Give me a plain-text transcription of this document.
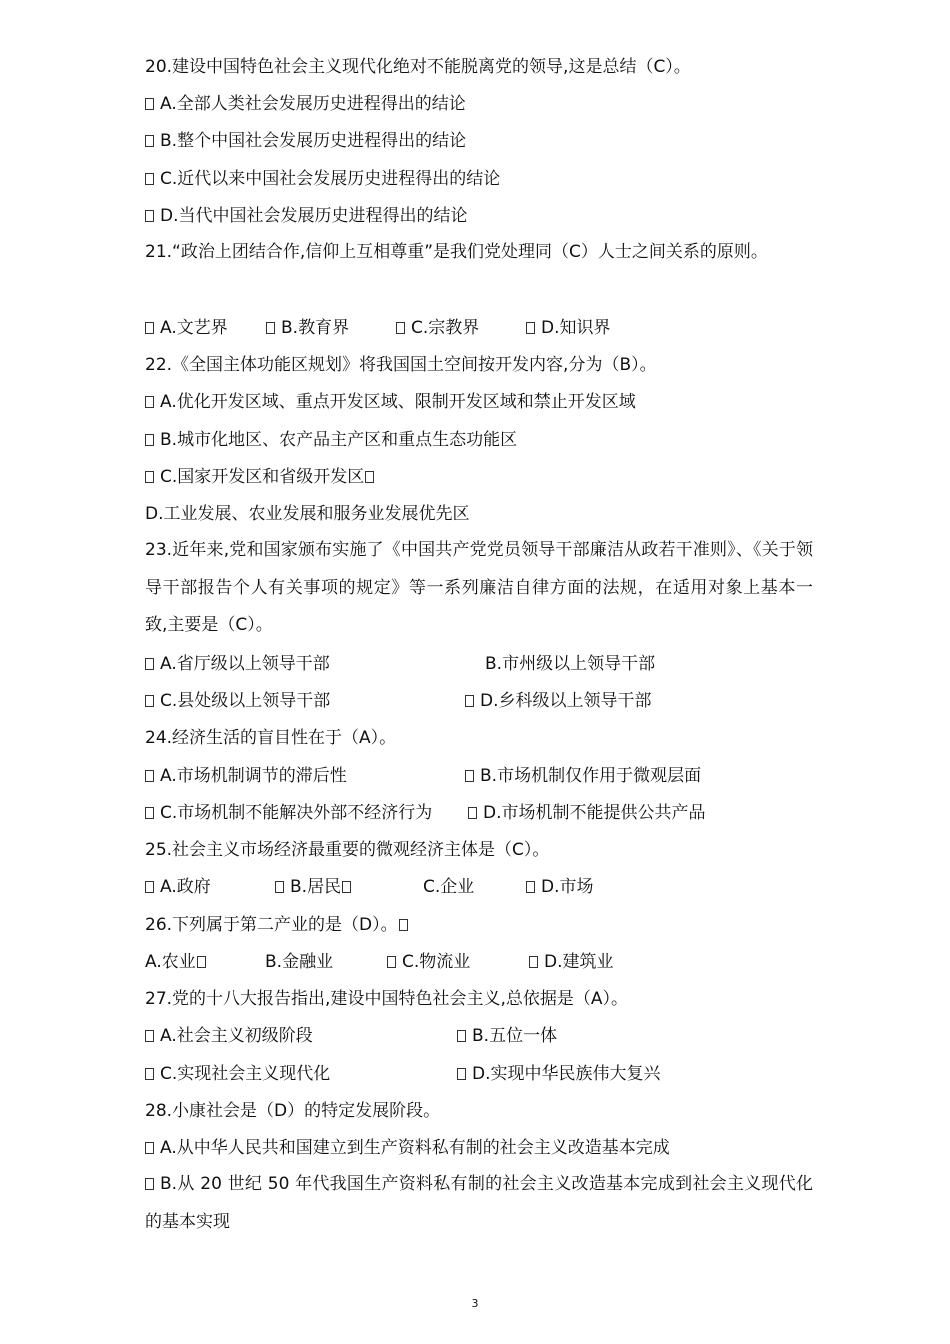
20.建设中国特色社会主义现代化绝对不能脱离党的领导,这是总结（C）。
A.全部人类社会发展历史进程得出的结论
B.整个中国社会发展历史进程得出的结论
C.近代以来中国社会发展历史进程得出的结论
D.当代中国社会发展历史进程得出的结论
21.“政治上团结合作,信仰上互相尊重”是我们党处理同（C）人士之间关系的原则。
A.文艺界	B.教育界	C.宗教界	D.知识界
22.《全国主体功能区规划》将我国国土空间按开发内容,分为（B）。
A.优化开发区域、重点开发区域、限制开发区域和禁止开发区域
B.城市化地区、农产品主产区和重点生态功能区
C.国家开发区和省级开发区
D.工业发展、农业发展和服务业发展优先区
23.近年来,党和国家颁布实施了《中国共产党党员领导干部廉洁从政若干准则》、《关于领导干部报告个人有关事项的规定》等一系列廉洁自律方面的法规，在适用对象上基本一致,主要是（C）。
A.省厅级以上领导干部	B.市州级以上领导干部
C.县处级以上领导干部	D.乡科级以上领导干部
24.经济生活的盲目性在于（A）。
A.市场机制调节的滞后性	B.市场机制仅作用于微观层面
C.市场机制不能解决外部不经济行为	D.市场机制不能提供公共产品
25.社会主义市场经济最重要的微观经济主体是（C）。
A.政府	B.居民	C.企业	D.市场
26.下列属于第二产业的是（D）。
A.农业	B.金融业	C.物流业	D.建筑业
27.党的十八大报告指出,建设中国特色社会主义,总依据是（A）。
A.社会主义初级阶段	B.五位一体
C.实现社会主义现代化	D.实现中华民族伟大复兴
28.小康社会是（D）的特定发展阶段。
A.从中华人民共和国建立到生产资料私有制的社会主义改造基本完成
B.从 20 世纪 50 年代我国生产资料私有制的社会主义改造基本完成到社会主义现代化的基本实现
3
